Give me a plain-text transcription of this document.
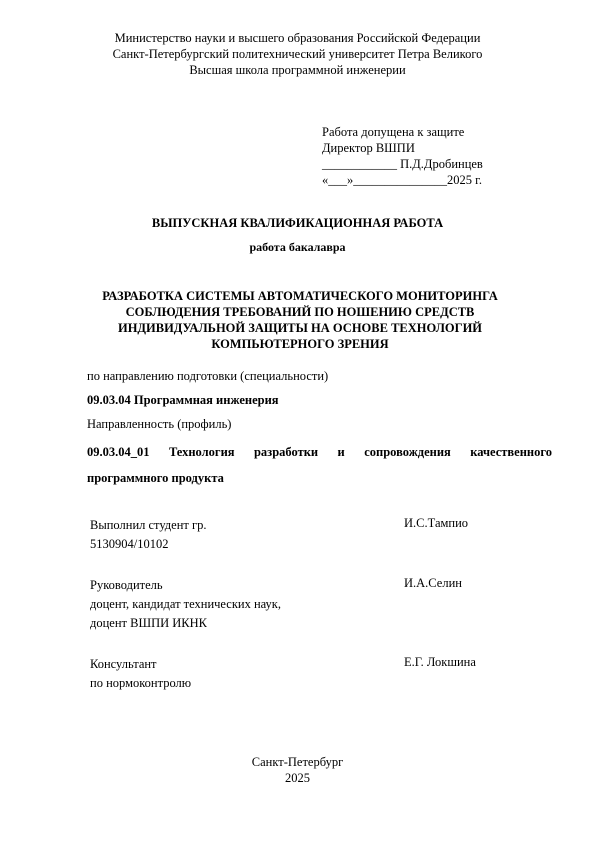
Министерство науки и высшего образования Российской Федерации
Санкт-Петербургский политехнический университет Петра Великого
Высшая школа программной инженерии
Работа допущена к защите
Директор ВШПИ
____________ П.Д.Дробинцев
«___»_______________2025 г.
ВЫПУСКНАЯ КВАЛИФИКАЦИОННАЯ РАБОТА
работа бакалавра
РАЗРАБОТКА СИСТЕМЫ АВТОМАТИЧЕСКОГО МОНИТОРИНГА СОБЛЮДЕНИЯ ТРЕБОВАНИЙ ПО НОШЕНИЮ СРЕДСТВ ИНДИВИДУАЛЬНОЙ ЗАЩИТЫ НА ОСНОВЕ ТЕХНОЛОГИЙ КОМПЬЮТЕРНОГО ЗРЕНИЯ
по направлению подготовки (специальности)
09.03.04 Программная инженерия
Направленность (профиль)
09.03.04_01 Технология разработки и сопровождения качественного программного продукта
Выполнил студент гр.
5130904/10102
И.С.Тампио
Руководитель
доцент, кандидат технических наук,
доцент ВШПИ ИКНК
И.А.Селин
Консультант
по нормоконтролю
Е.Г. Локшина
Санкт-Петербург
2025
